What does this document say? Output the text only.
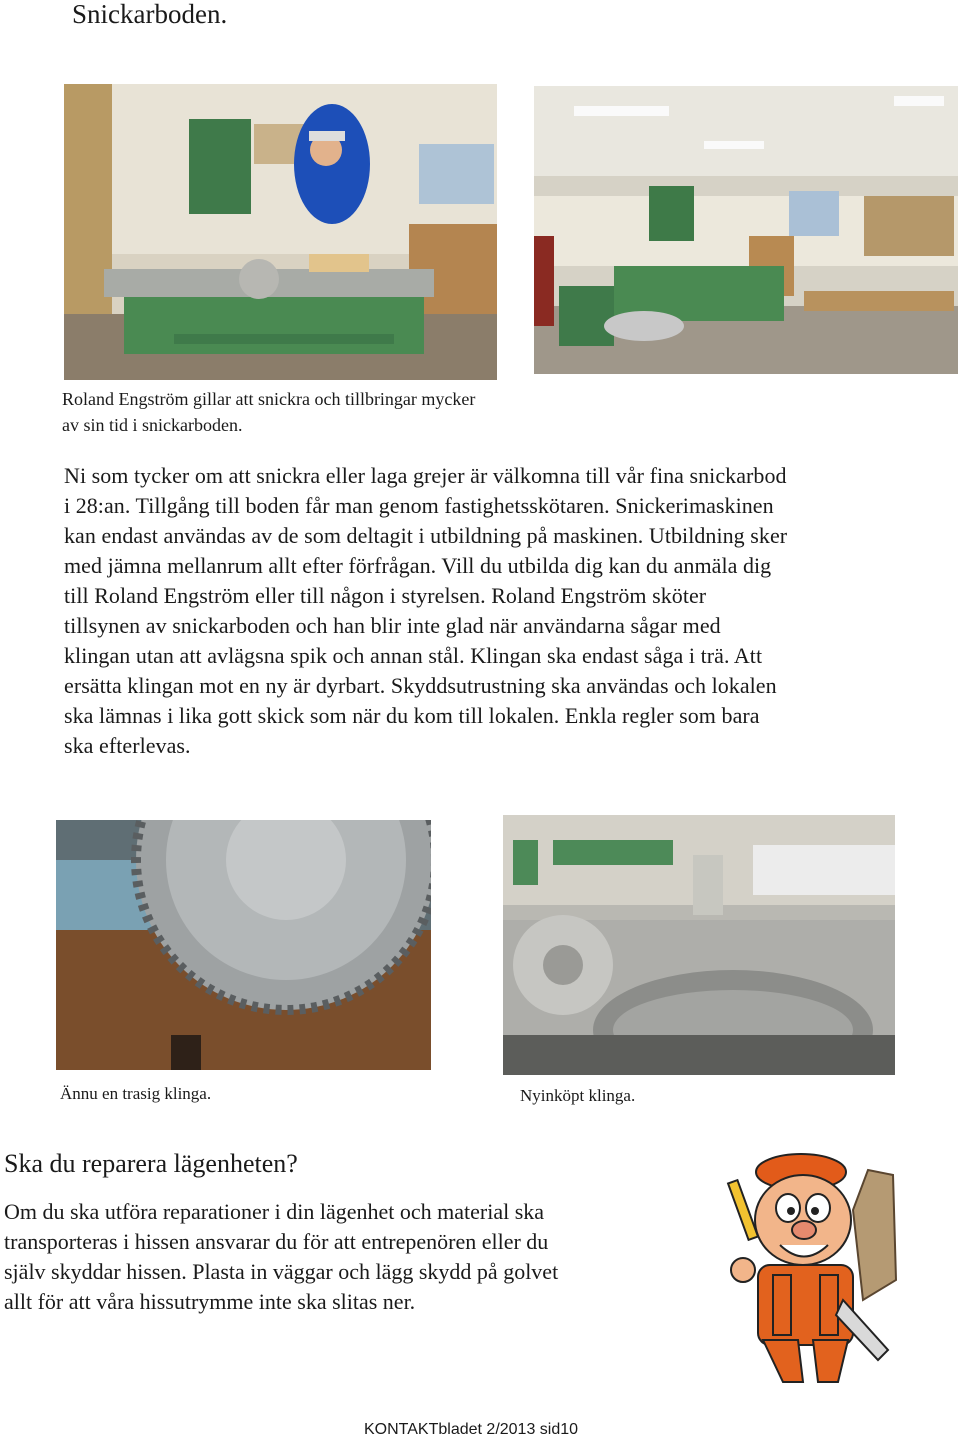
Snickarboden.
Roland Engström gillar att snickra och tillbringar mycker av sin tid i snickarboden.
Ni som tycker om att snickra eller laga grejer är välkomna till vår fina snickarbod
i 28:an. Tillgång till boden får man genom fastighetsskötaren. Snickerimaskinen
kan endast användas av de som deltagit i utbildning på maskinen. Utbildning sker
med jämna mellanrum allt efter förfrågan. Vill du utbilda dig kan du anmäla dig
till Roland Engström eller till någon i styrelsen. Roland Engström sköter
tillsynen av snickarboden och han blir inte glad när användarna sågar med
klingan utan att avlägsna spik och annan stål. Klingan ska endast såga i trä. Att
ersätta klingan mot en ny är dyrbart. Skyddsutrustning ska användas och lokalen
ska lämnas i lika gott skick som när du kom till lokalen. Enkla regler som bara
ska efterlevas.
Ännu en trasig klinga.	Nyinköpt klinga.
Ska du reparera lägenheten?
Om du ska utföra reparationer i din lägenhet och material ska
transporteras i hissen ansvarar du för att entrepenören eller du
själv skyddar hissen. Plasta in väggar och lägg skydd på golvet
allt för att våra hissutrymme inte ska slitas ner.
KONTAKTbladet 2/2013 sid10
